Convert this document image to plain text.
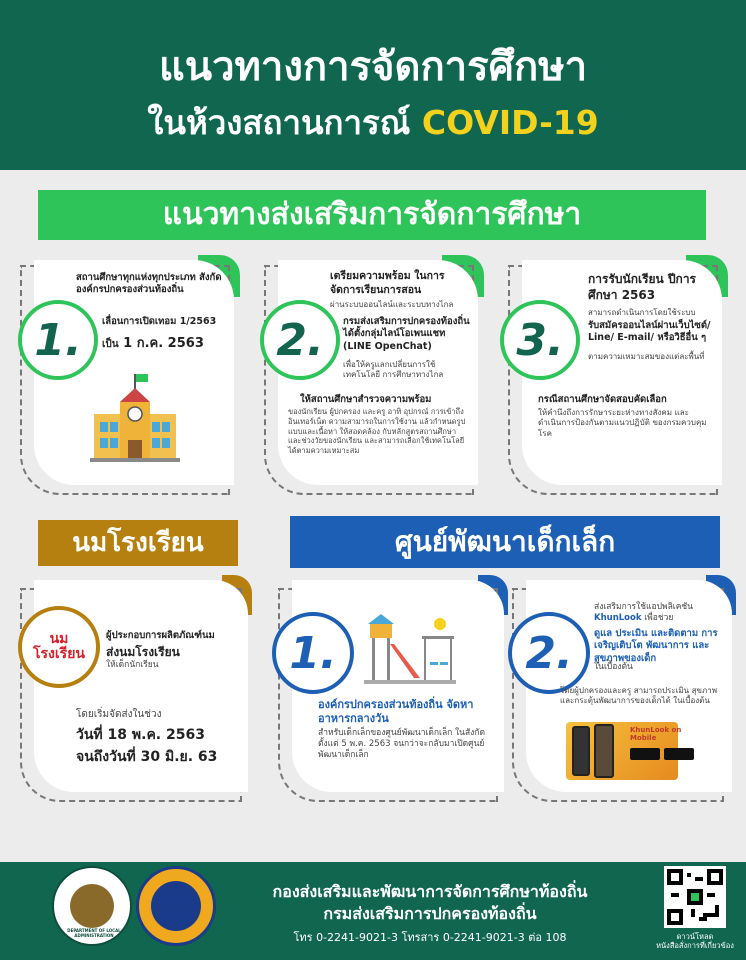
แนวทางการจัดการศึกษา
ในห้วงสถานการณ์ COVID-19
แนวทางส่งเสริมการจัดการศึกษา
1.
สถานศึกษาทุกแห่งทุกประเภท สังกัดองค์กรปกครองส่วนท้องถิ่น
เลื่อนการเปิดเทอม 1/2563
เป็น 1 ก.ค. 2563	2.
เตรียมความพร้อม ในการจัดการเรียนการสอน
ผ่านระบบออนไลน์และระบบทางไกล
กรมส่งเสริมการปกครองท้องถิ่น ได้ตั้งกลุ่มไลน์โอเพนแชท (LINE OpenChat)
เพื่อให้ครูแลกเปลี่ยนการใช้เทคโนโลยี การศึกษาทางไกล
ให้สถานศึกษาสำรวจความพร้อม
ของนักเรียน ผู้ปกครอง และครู อาทิ อุปกรณ์ การเข้าถึงอินเทอร์เน็ต ความสามารถในการใช้งาน แล้วกำหนดรูปแบบและเนื้อหา ให้สอดคล้อง กับหลักสูตรสถานศึกษาและช่วงวัยของนักเรียน และสามารถเลือกใช้เทคโนโลยีได้ตามความเหมาะสม
3.
การรับนักเรียน ปีการศึกษา 2563
สามารถดำเนินการโดยใช้ระบบ
รับสมัครออนไลน์ผ่านเว็บไซต์/ Line/ E-mail/ หรือวิธีอื่น ๆ
ตามความเหมาะสมของแต่ละพื้นที่
กรณีสถานศึกษาจัดสอบคัดเลือก
ให้คำนึงถึงการรักษาระยะห่างทางสังคม และดำเนินการป้องกันตามแนวปฏิบัติ ของกรมควบคุมโรค
นมโรงเรียน
นม โรงเรียน
ผู้ประกอบการผลิตภัณฑ์นม
ส่งนมโรงเรียน
ให้เด็กนักเรียน
โดยเริ่มจัดส่งในช่วง
วันที่ 18 พ.ค. 2563
จนถึงวันที่ 30 มิ.ย. 63
ศูนย์พัฒนาเด็กเล็ก
1.
องค์กรปกครองส่วนท้องถิ่น จัดหาอาหารกลางวัน
สำหรับเด็กเล็กของศูนย์พัฒนาเด็กเล็ก ในสังกัด ตั้งแต่ 5 พ.ค. 2563 จนกว่าจะกลับมาเปิดศูนย์พัฒนาเด็กเล็ก
2.
ส่งเสริมการใช้แอปพลิเคชัน KhunLook เพื่อช่วย
ดูแล ประเมิน และติดตาม การเจริญเติบโต พัฒนาการ และสุขภาพของเด็ก
ในเบื้องต้น
โดยผู้ปกครองและครู สามารถประเมิน สุขภาพและกระตุ้นพัฒนาการของเด็กได้ ในเบื้องต้น
KhunLook on Mobile
DEPARTMENT OF LOCAL ADMINISTRATION
กองส่งเสริมและพัฒนาการจัดการศึกษาท้องถิ่น
กรมส่งเสริมการปกครองท้องถิ่น
โทร 0-2241-9021-3 โทรสาร 0-2241-9021-3 ต่อ 108	ดาวน์โหลด
หนังสือสั่งการที่เกี่ยวข้อง
